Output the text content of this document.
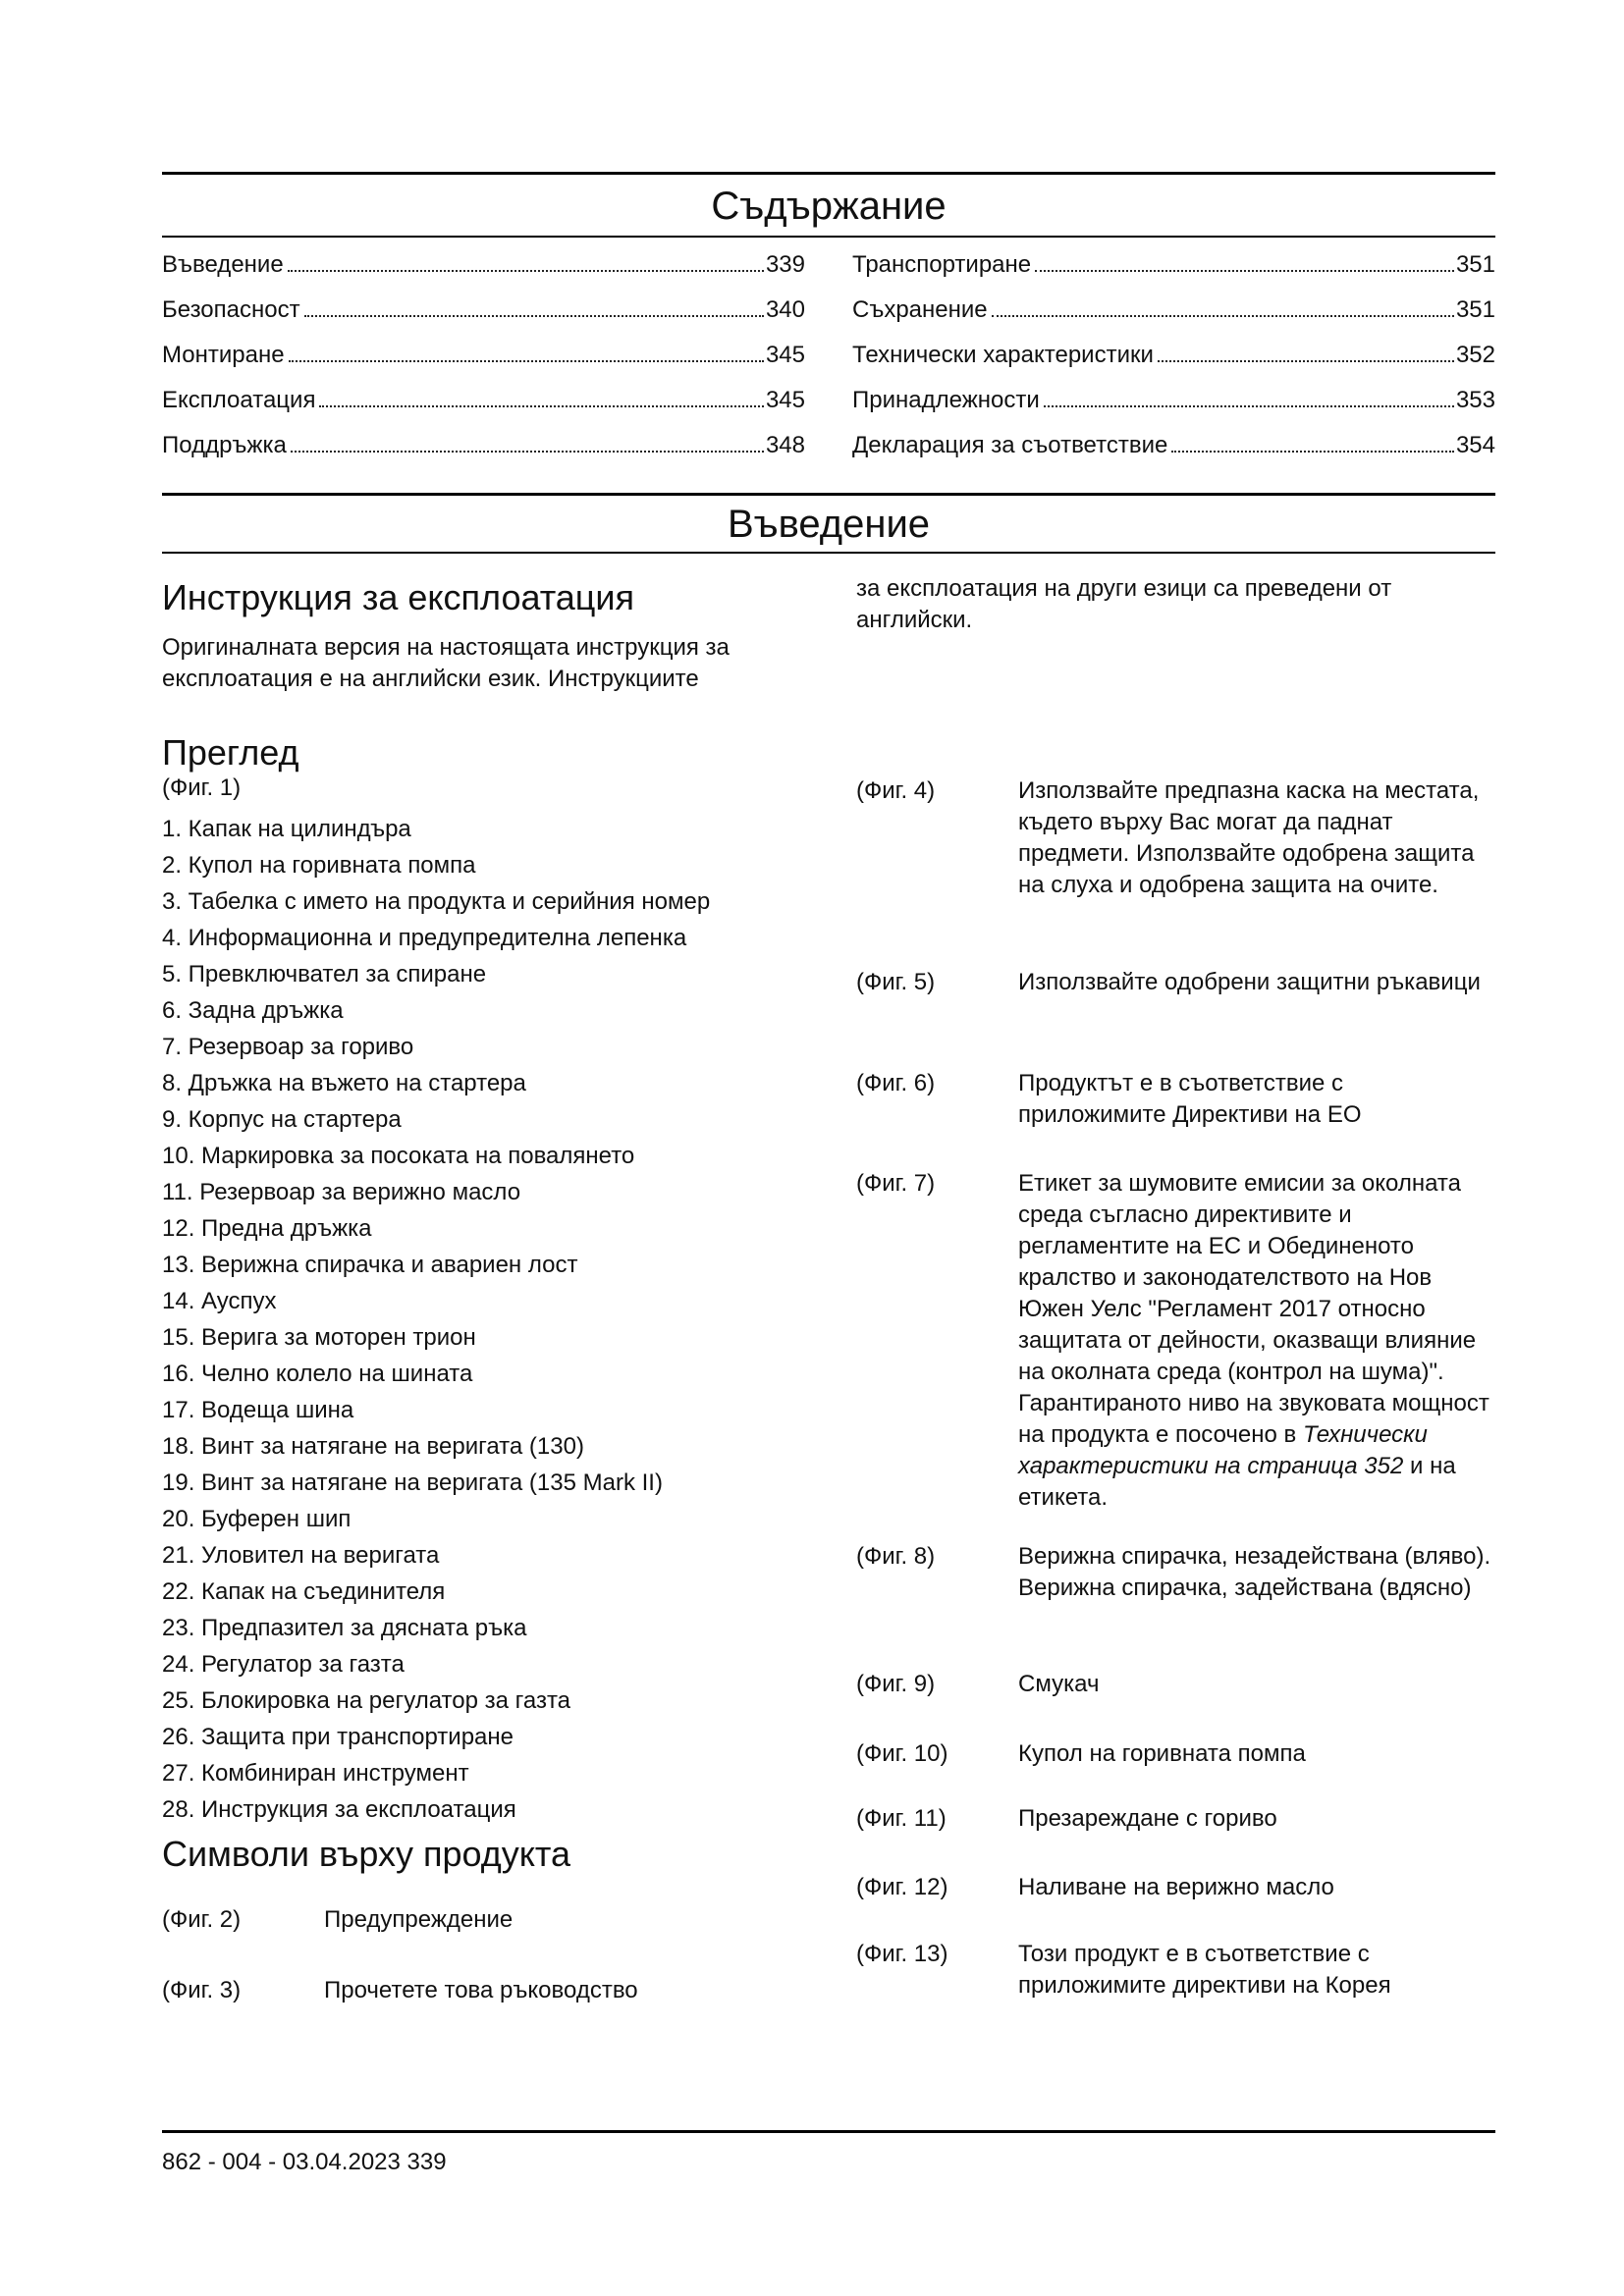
Съдържание
Въведение	339
Безопасност	340
Монтиране	345
Експлоатация	345
Поддръжка	348
Транспортиране	351
Съхранение	351
Технически характеристики	352
Принадлежности	353
Декларация за съответствие	354
Въведение
Инструкция за експлоатация

Оригиналната версия на настоящата инструкция за експлоатация е на английски език. Инструкциите

Преглед
(Фиг. 1)
1. Капак на цилиндъра
2. Купол на горивната помпа
3. Табелка с името на продукта и серийния номер
4. Информационна и предупредителна лепенка
5. Превключвател за спиране
6. Задна дръжка
7. Резервоар за гориво
8. Дръжка на въжето на стартера
9. Корпус на стартера
10. Маркировка за посоката на повалянето
11. Резервоар за верижно масло
12. Предна дръжка
13. Верижна спирачка и авариен лост
14. Ауспух
15. Верига за моторен трион
16. Челно колело на шината
17. Водеща шина
18. Винт за натягане на веригата (130)
19. Винт за натягане на веригата (135 Mark II)
20. Буферен шип
21. Уловител на веригата
22. Капак на съединителя
23. Предпазител за дясната ръка
24. Регулатор за газта
25. Блокировка на регулатор за газта
26. Защита при транспортиране
27. Комбиниран инструмент
28. Инструкция за експлоатация
Символи върху продукта
(Фиг. 2)	Предупреждение
(Фиг. 3)	Прочетете това ръководство

за експлоатация на други езици са преведени от английски.

(Фиг. 4)	Използвайте предпазна каска на местата, където върху Вас могат да паднат предмети. Използвайте одобрена защита на слуха и одобрена защита на очите.
(Фиг. 5)	Използвайте одобрени защитни ръкавици
(Фиг. 6)	Продуктът е в съответствие с приложимите Директиви на ЕО
(Фиг. 7)	Етикет за шумовите емисии за околната среда съгласно директивите и регламентите на ЕС и Обединеното кралство и законодателството на Нов Южен Уелс "Регламент 2017 относно защитата от дейности, оказващи влияние на околната среда (контрол на шума)". Гарантираното ниво на звуковата мощност на продукта е посочено в Технически характеристики на страница 352 и на етикета.
(Фиг. 8)	Верижна спирачка, незадействана (вляво). Верижна спирачка, задействана (вдясно)
(Фиг. 9)	Смукач
(Фиг. 10)	Купол на горивната помпа
(Фиг. 11)	Презареждане с гориво
(Фиг. 12)	Наливане на верижно масло
(Фиг. 13)	Този продукт е в съответствие с приложимите директиви на Корея
862 - 004 - 03.04.2023 339
